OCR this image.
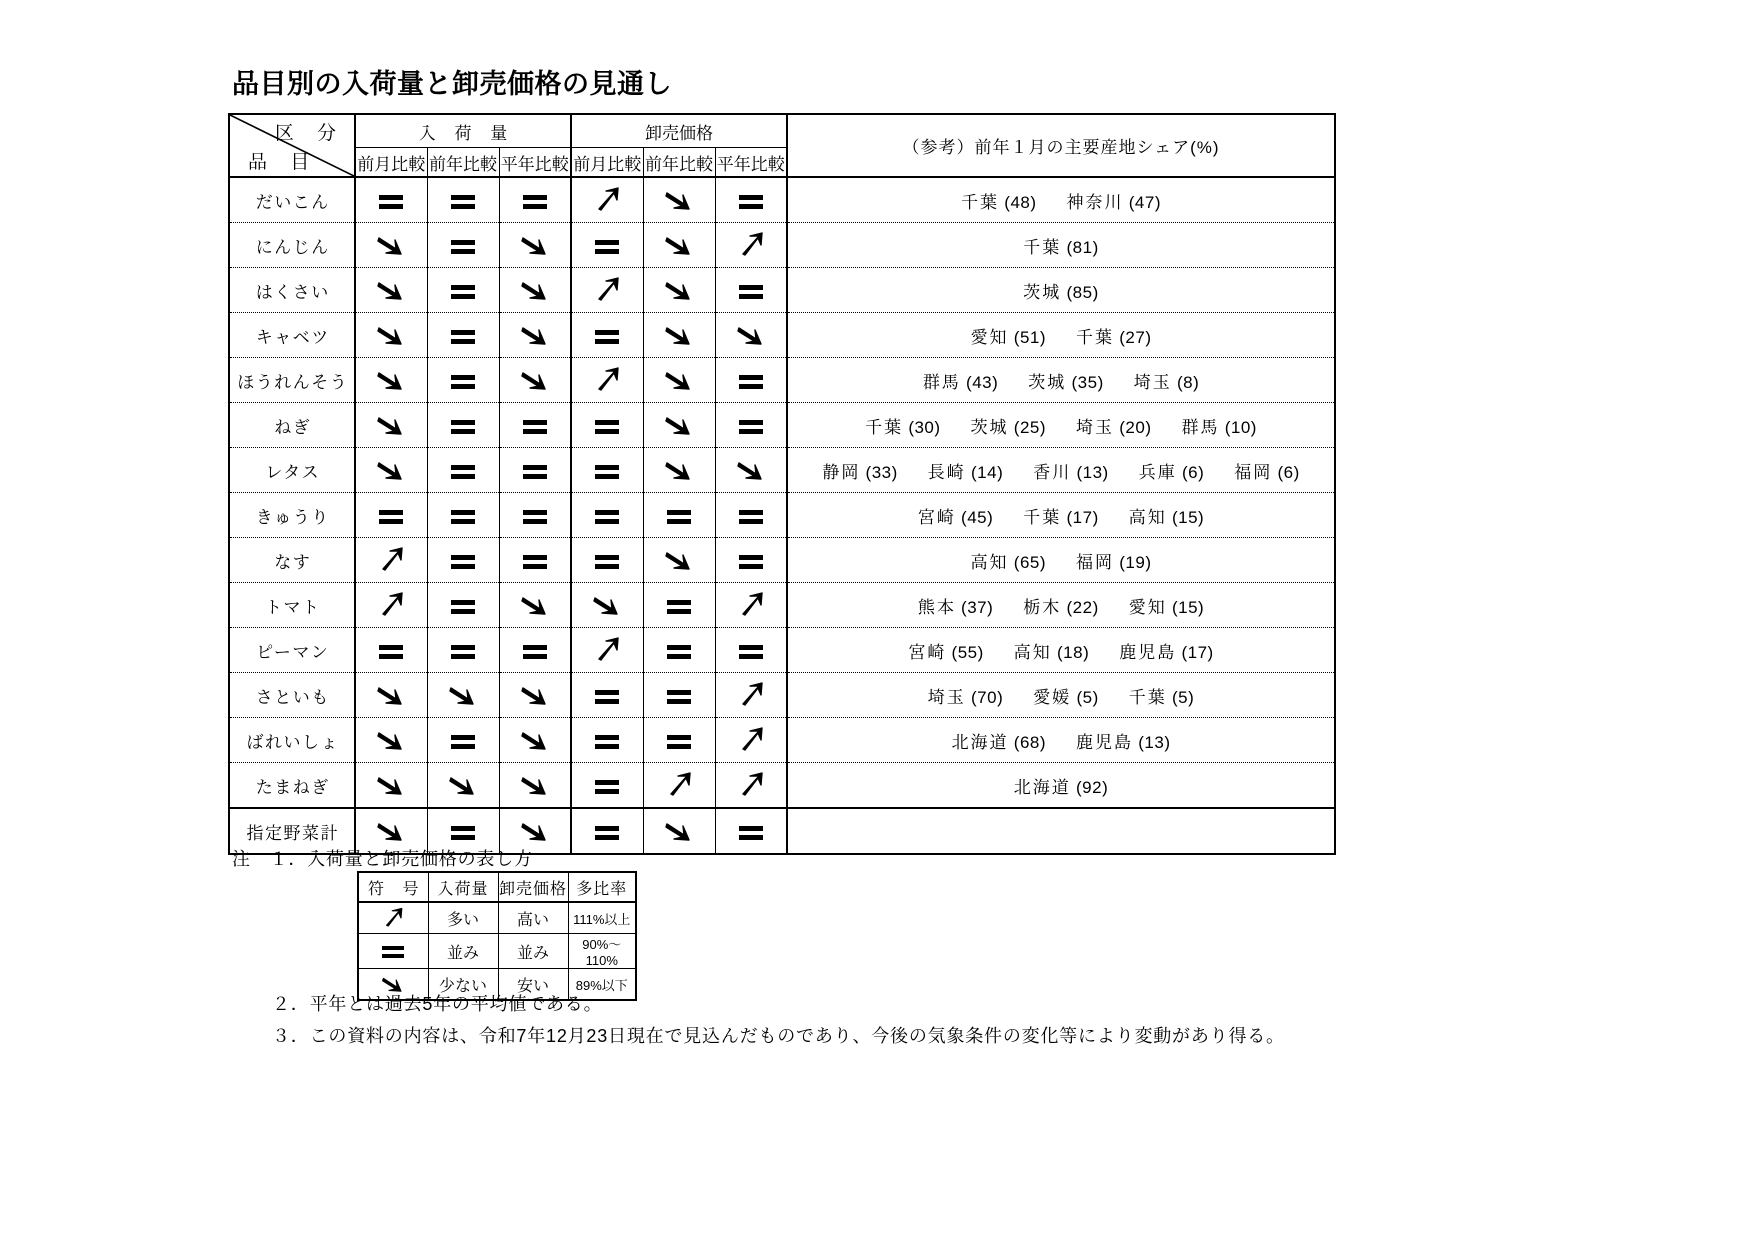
品目別の入荷量と卸売価格の見通し
区 分
品 目	入 荷 量			卸売価格			（参考）前年１月の主要産地シェア(%)
	前月比較	前年比較	平年比較	前月比較	前年比較	平年比較	
だいこん							千葉 (48) 神奈川 (47)
にんじん							千葉 (81)
はくさい							茨城 (85)
キャベツ							愛知 (51) 千葉 (27)
ほうれんそう							群馬 (43) 茨城 (35) 埼玉 (8)
ねぎ							千葉 (30) 茨城 (25) 埼玉 (20) 群馬 (10)
レタス							静岡 (33) 長崎 (14) 香川 (13) 兵庫 (6) 福岡 (6)
きゅうり							宮崎 (45) 千葉 (17) 高知 (15)
なす							高知 (65) 福岡 (19)
トマト							熊本 (37) 栃木 (22) 愛知 (15)
ピーマン							宮崎 (55) 高知 (18) 鹿児島 (17)
さといも							埼玉 (70) 愛媛 (5) 千葉 (5)
ばれいしょ							北海道 (68) 鹿児島 (13)
たまねぎ							北海道 (92)
指定野菜計	

注　１．入荷量と卸売価格の表し方
符 号	入荷量	卸売価格	多比率

	多い	高い	111%以上
	並み	並み	90%〜110%

	少ない	安い	89%以下
２．平年とは過去5年の平均値である。
３．この資料の内容は、令和7年12月23日現在で見込んだものであり、今後の気象条件の変化等により変動があり得る。
